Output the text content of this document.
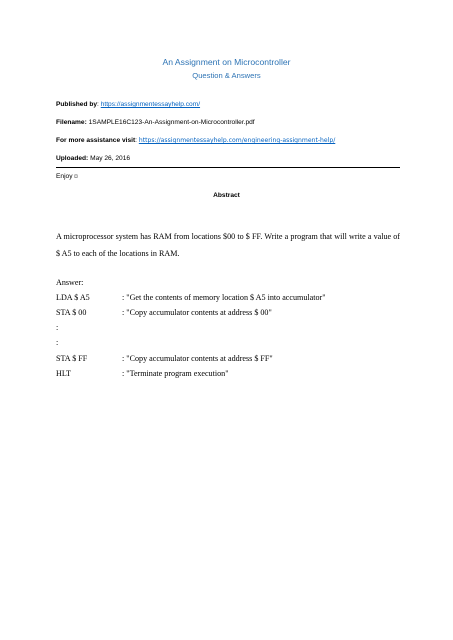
An Assignment on Microcontroller
Question & Answers
Published by: https://assignmentessayhelp.com/
Filename: 1SAMPLE16C123-An-Assignment-on-Microcontroller.pdf
For more assistance visit: https://assignmentessayhelp.com/engineering-assignment-help/
Uploaded: May 26, 2016
Enjoy☺
Abstract
A microprocessor system has RAM from locations $00 to $ FF. Write a program that will write a value of $ A5 to each of the locations in RAM.
Answer:
LDA $ A5	: "Get the contents of memory location $ A5 into accumulator"
STA $ 00	: "Copy accumulator contents at address $ 00"
:
:
STA $ FF	: "Copy accumulator contents at address $ FF"
HLT	: "Terminate program execution"
